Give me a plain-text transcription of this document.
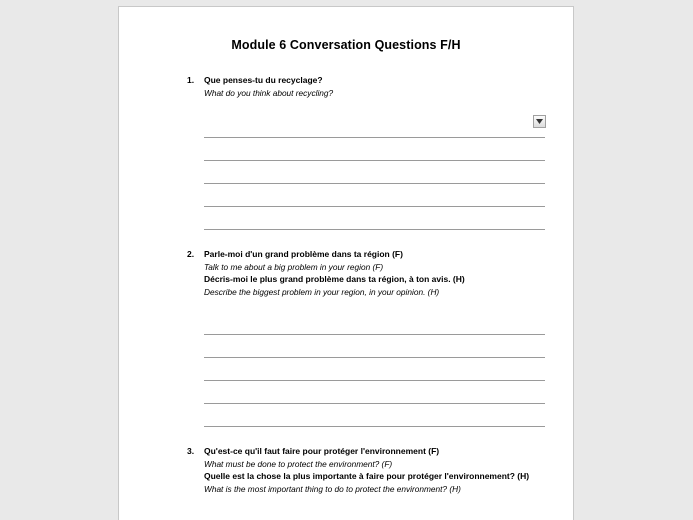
Module 6 Conversation Questions F/H
1.	Que penses-tu du recyclage?
What do you think about recycling?
2.	Parle-moi d'un grand problème dans ta région (F)
Talk to me about a big problem in your region (F)
Décris-moi le plus grand problème dans ta région, à ton avis. (H)
Describe the biggest problem in your region, in your opinion. (H)
3.	Qu'est-ce qu'il faut faire pour protéger l'environnement (F)
What must be done to protect the environment? (F)
Quelle est la chose la plus importante à faire pour protéger l'environnement? (H)
What is the most important thing to do to protect the environment? (H)
